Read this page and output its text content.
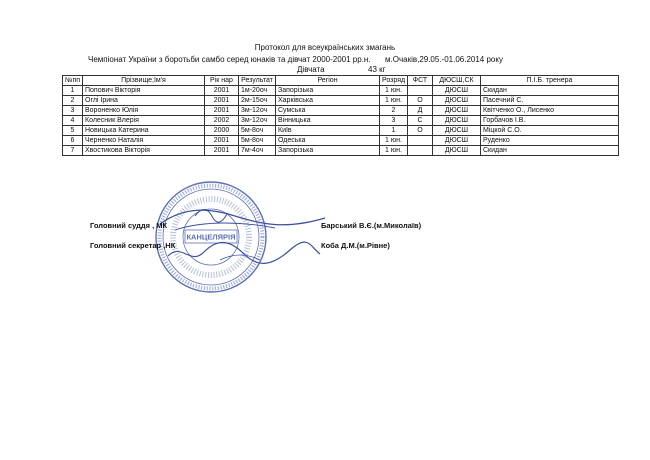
Протокол для всеукраїнських змагань
Чемпіонат України з боротьби самбо серед юнаків та дівчат 2000-2001 рр.н. м.Очаків,29.05.-01.06.2014 року
Дівчата	43 кг
№пп	Прізвище,Ім'я	Рік нар	Результат	Регіон	Розряд	ФСТ	ДЮСШ,СК	П.І.Б. тренера
1	Попович Вікторія	2001	1м-20оч	Запорізька	1 юн.		ДЮСШ	Скидан
2	Оглі Ірина	2001	2м-15оч	Харківська	1 юн.	О	ДЮСШ	Пасечний С.
3	Вороненко Юлія	2001	3м-12оч	Сумська	2	Д	ДЮСШ	Квітченко О., Лисенко
4	Колесник Влерія	2002	3м-12оч	Вінницька	3	С	ДЮСШ	Горбачов І.В.
5	Новицька Катерина	2000	5м-8оч	Київ	1	О	ДЮСШ	Міцкой С.О.
6	Черненко Наталія	2001	5м-8оч	Одеська	1 юн.		ДЮСШ	Руденко
7	Хвостикова Вікторія	2001	7м-4оч	Запорізька	1 юн.		ДЮСШ	Скидан
КАНЦЕЛЯРІЯ
Головний суддя , МК	Барський В.Є.(м.Миколаїв)
Головний секретар ,НК	Коба Д.М.(м.Рівне)
